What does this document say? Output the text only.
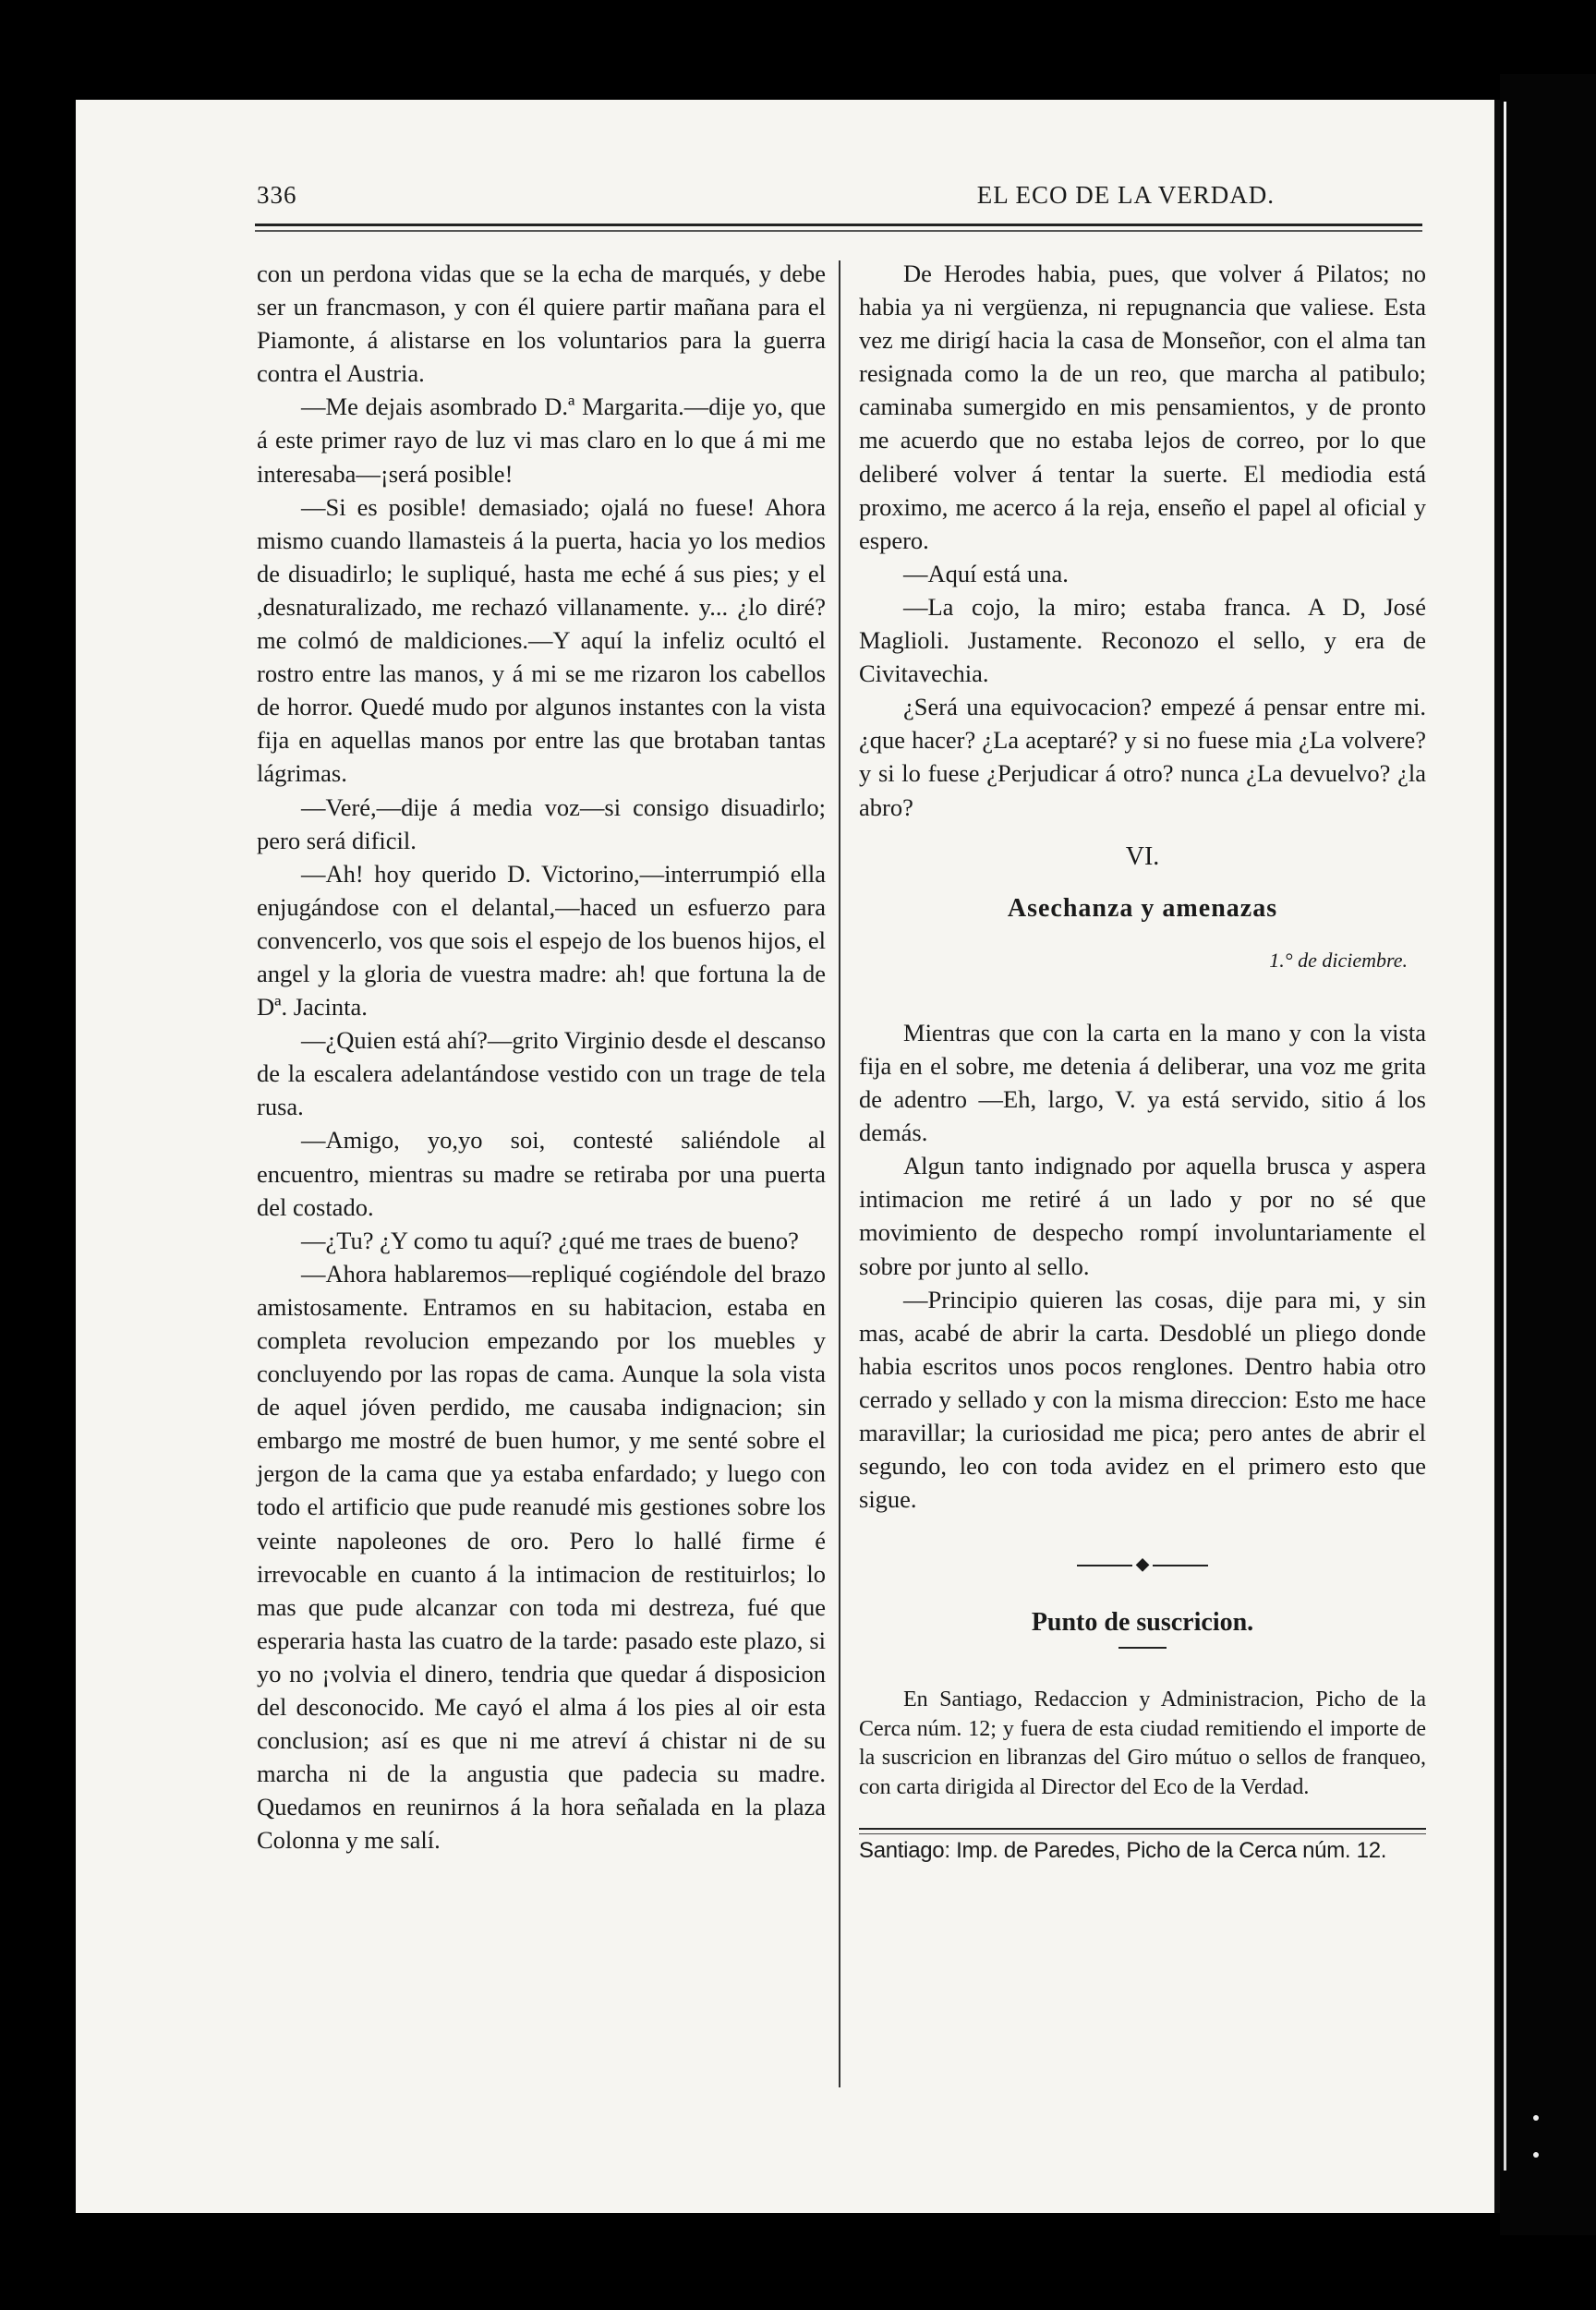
336	EL ECO DE LA VERDAD.

con un perdona vidas que se la echa de marqués, y debe ser un francmason, y con él quiere partir mañana para el Piamonte, á alistarse en los voluntarios para la guerra contra el Austria.

—Me dejais asombrado D.ª Margarita.—dije yo, que á este primer rayo de luz vi mas claro en lo que á mi me interesaba—¡será posible!

—Si es posible! demasiado; ojalá no fuese! Ahora mismo cuando llamasteis á la puerta, hacia yo los medios de disuadirlo; le supliqué, hasta me eché á sus pies; y el ,desnaturalizado, me rechazó villanamente. y... ¿lo diré? me colmó de maldiciones.—Y aquí la infeliz ocultó el rostro entre las manos, y á mi se me rizaron los cabellos de horror. Quedé mudo por algunos instantes con la vista fija en aquellas manos por entre las que brotaban tantas lágrimas.

—Veré,—dije á media voz—si consigo disuadirlo; pero será dificil.

—Ah! hoy querido D. Victorino,—interrumpió ella enjugándose con el delantal,—haced un esfuerzo para convencerlo, vos que sois el espejo de los buenos hijos, el angel y la gloria de vuestra madre: ah! que fortuna la de Dª. Jacinta.

—¿Quien está ahí?—grito Virginio desde el descanso de la escalera adelantándose vestido con un trage de tela rusa.

—Amigo, yo,yo soi, contesté saliéndole al encuentro, mientras su madre se retiraba por una puerta del costado.

—¿Tu? ¿Y como tu aquí? ¿qué me traes de bueno?

—Ahora hablaremos—repliqué cogiéndole del brazo amistosamente. Entramos en su habitacion, estaba en completa revolucion empezando por los muebles y concluyendo por las ropas de cama. Aunque la sola vista de aquel jóven perdido, me causaba indignacion; sin embargo me mostré de buen humor, y me senté sobre el jergon de la cama que ya estaba enfardado; y luego con todo el artificio que pude reanudé mis gestiones sobre los veinte napoleones de oro. Pero lo hallé firme é irrevocable en cuanto á la intimacion de restituirlos; lo mas que pude alcanzar con toda mi destreza, fué que esperaria hasta las cuatro de la tarde: pasado este plazo, si yo no ¡volvia el dinero, tendria que quedar á disposicion del desconocido. Me cayó el alma á los pies al oir esta conclusion; así es que ni me atreví á chistar ni de su marcha ni de la angustia que padecia su madre. Quedamos en reunirnos á la hora señalada en la plaza Colonna y me salí.

De Herodes habia, pues, que volver á Pilatos; no habia ya ni vergüenza, ni repugnancia que valiese. Esta vez me dirigí hacia la casa de Monseñor, con el alma tan resignada como la de un reo, que marcha al patibulo; caminaba sumergido en mis pensamientos, y de pronto me acuerdo que no estaba lejos de correo, por lo que deliberé volver á tentar la suerte. El mediodia está proximo, me acerco á la reja, enseño el papel al oficial y espero.

—Aquí está una.

—La cojo, la miro; estaba franca. A D, José Maglioli. Justamente. Reconozo el sello, y era de Civitavechia.

¿Será una equivocacion? empezé á pensar entre mi. ¿que hacer? ¿La aceptaré? y si no fuese mia ¿La volvere? y si lo fuese ¿Perjudicar á otro? nunca ¿La devuelvo? ¿la abro?

VI.

Asechanza y amenazas

1.° de diciembre.

Mientras que con la carta en la mano y con la vista fija en el sobre, me detenia á deliberar, una voz me grita de adentro —Eh, largo, V. ya está servido, sitio á los demás.

Algun tanto indignado por aquella brusca y aspera intimacion me retiré á un lado y por no sé que movimiento de despecho rompí involuntariamente el sobre por junto al sello.

—Principio quieren las cosas, dije para mi, y sin mas, acabé de abrir la carta. Desdoblé un pliego donde habia escritos unos pocos renglones. Dentro habia otro cerrado y sellado y con la misma direccion: Esto me hace maravillar; la curiosidad me pica; pero antes de abrir el segundo, leo con toda avidez en el primero esto que sigue.

◆

Punto de suscricion.

En Santiago, Redaccion y Administracion, Picho de la Cerca núm. 12; y fuera de esta ciudad remitiendo el importe de la suscricion en libranzas del Giro mútuo o sellos de franqueo, con carta dirigida al Director del Eco de la Verdad.

Santiago: Imp. de Paredes, Picho de la Cerca núm. 12.
